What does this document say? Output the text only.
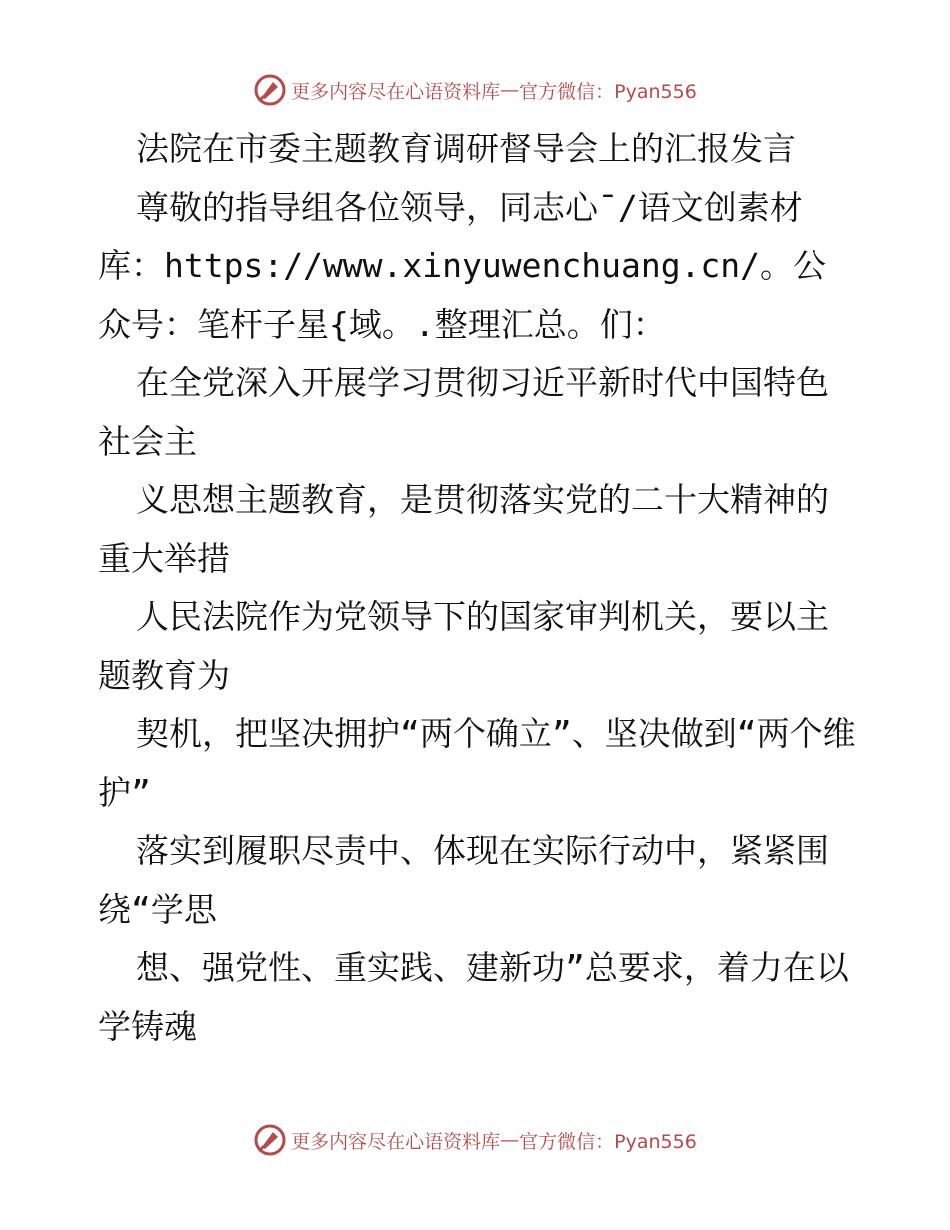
更多内容尽在心语资料库 — 官方微信：Pyan556

法院在市委主题教育调研督导会上的汇报发言

尊敬的指导组各位领导，同志心¯/语文创素材库：https://www.xinyuwenchuang.cn/。公众号：笔杆子星{域。.整理汇总。们：

在全党深入开展学习贯彻习近平新时代中国特色社会主

义思想主题教育，是贯彻落实党的二十大精神的重大举措

人民法院作为党领导下的国家审判机关，要以主题教育为

契机，把坚决拥护“两个确立”、坚决做到“两个维护”

落实到履职尽责中、体现在实际行动中，紧紧围绕“学思

想、强党性、重实践、建新功”总要求，着力在以学铸魂

更多内容尽在心语资料库 — 官方微信：Pyan556
